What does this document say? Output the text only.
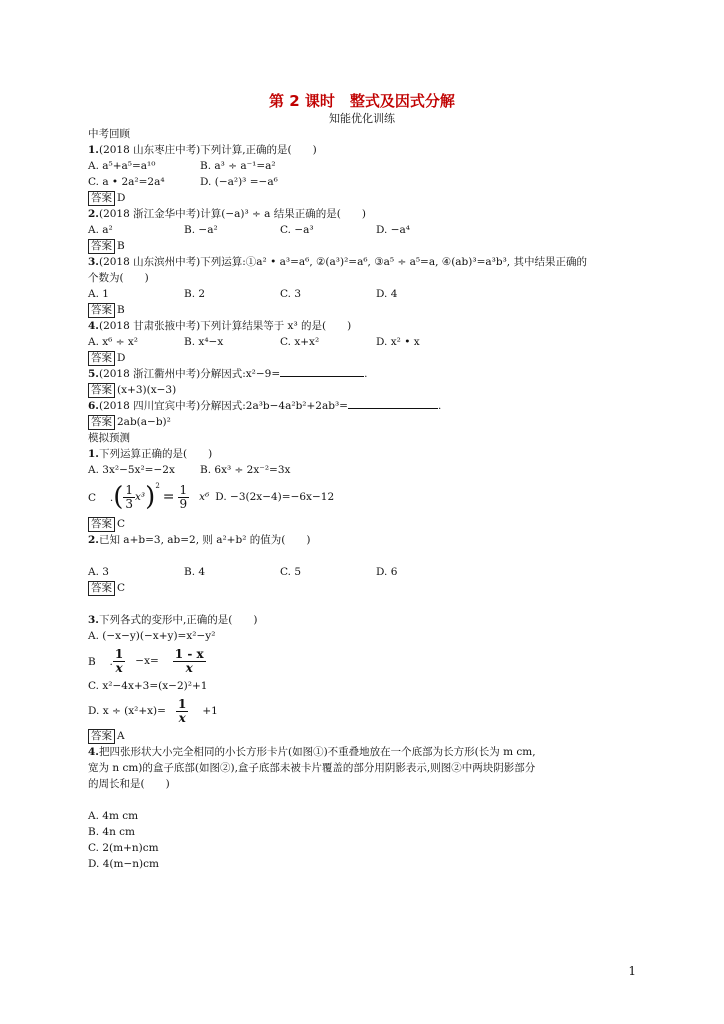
第 2 课时　整式及因式分解
知能优化训练
中考回顾
1.(2018 山东枣庄中考)下列计算,正确的是(　　)
A. a⁵+a⁵=a¹⁰	B. a³ ÷ a⁻¹=a²
C. a • 2a²=2a⁴	D. (−a²)³ =−a⁶
答案 D
2.(2018 浙江金华中考)计算(−a)³ ÷ a 结果正确的是(　　)
A. a²	B. −a²	C. −a³	D. −a⁴
答案 B
3.(2018 山东滨州中考)下列运算:①a² • a³=a⁶, ②(a³)²=a⁶, ③a⁵ ÷ a⁵=a, ④(ab)³=a³b³, 其中结果正确的
个数为(　　)
A. 1	B. 2	C. 3	D. 4
答案 B
4.(2018 甘肃张掖中考)下列计算结果等于 x³ 的是(　　)
A. x⁶ ÷ x²	B. x⁴−x	C. x+x²	D. x² • x
答案 D
5.(2018 浙江衢州中考)分解因式:x²−9=	.
答案 (x+3)(x−3)
6.(2018 四川宜宾中考)分解因式:2a³b−4a²b²+2ab³=	.
答案 2ab(a−b)²
模拟预测
1.下列运算正确的是(　　)
A. 3x²−5x²=−2x	B. 6x³ ÷ 2x⁻²=3x
C 　. ( $\frac{1}{3} x^3$ ) 2
= $\frac{1}{9} x^6$ D. −3(2x−4)=−6x−12
答案 C
2.已知 a+b=3, ab=2, 则 a²+b² 的值为(　　)
A. 3	B. 4	C. 5	D. 6
答案 C
3.下列各式的变形中,正确的是(　　)
A. (−x−y)(−x+y)=x²−y²
B 　. $\frac{1}{x} -x= \frac{1 - x}{x}$
C. x²−4x+3=(x−2)²+1
D. $x \div (x^2+x)= \frac{1}{x} +1$
答案 A
4.把四张形状大小完全相同的小长方形卡片(如图①)不重叠地放在一个底部为长方形(长为 m cm,
宽为 n cm)的盒子底部(如图②),盒子底部未被卡片覆盖的部分用阴影表示,则图②中两块阴影部分
的周长和是(　　)
A. 4m cm
B. 4n cm
C. 2(m+n)cm
D. 4(m−n)cm
1
